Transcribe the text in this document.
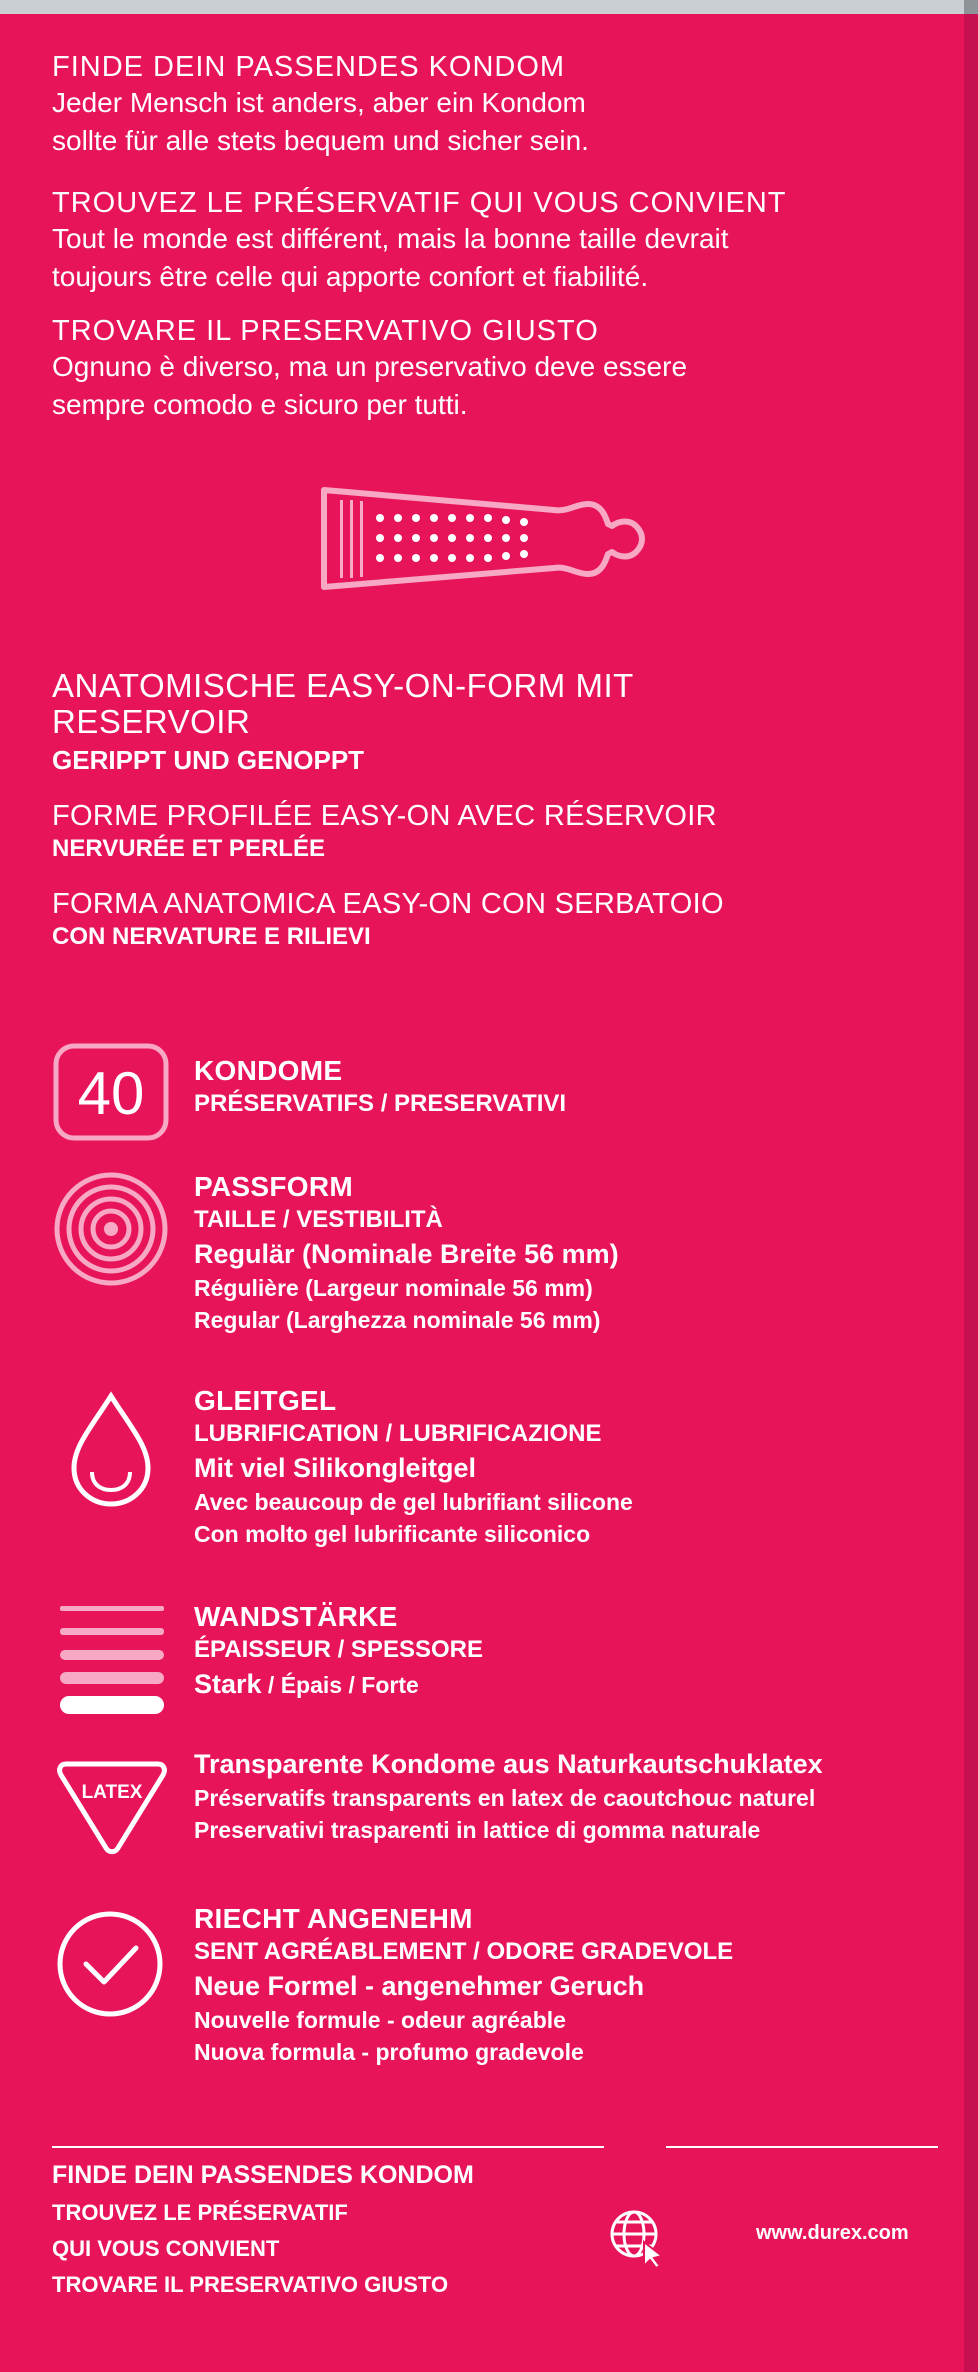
FINDE DEIN PASSENDES KONDOM
Jeder Mensch ist anders, aber ein Kondom
sollte für alle stets bequem und sicher sein.
TROUVEZ LE PRÉSERVATIF QUI VOUS CONVIENT
Tout le monde est différent, mais la bonne taille devrait
toujours être celle qui apporte confort et fiabilité.
TROVARE IL PRESERVATIVO GIUSTO
Ognuno è diverso, ma un preservativo deve essere
sempre comodo e sicuro per tutti.
ANATOMISCHE EASY-ON-FORM MIT
RESERVOIR
GERIPPT UND GENOPPT
FORME PROFILÉE EASY-ON AVEC RÉSERVOIR
NERVURÉE ET PERLÉE
FORMA ANATOMICA EASY-ON CON SERBATOIO
CON NERVATURE E RILIEVI
40 KONDOME
PRÉSERVATIFS / PRESERVATIVI
PASSFORM
TAILLE / VESTIBILITÀ
Regulär (Nominale Breite 56 mm)
Régulière (Largeur nominale 56 mm)
Regular (Larghezza nominale 56 mm)
GLEITGEL
LUBRIFICATION / LUBRIFICAZIONE
Mit viel Silikongleitgel
Avec beaucoup de gel lubrifiant silicone
Con molto gel lubrificante siliconico
WANDSTÄRKE
ÉPAISSEUR / SPESSORE
Stark / Épais / Forte
LATEX
Transparente Kondome aus Naturkautschuklatex
Préservatifs transparents en latex de caoutchouc naturel
Preservativi trasparenti in lattice di gomma naturale
RIECHT ANGENEHM
SENT AGRÉABLEMENT / ODORE GRADEVOLE
Neue Formel - angenehmer Geruch
Nouvelle formule - odeur agréable
Nuova formula - profumo gradevole
FINDE DEIN PASSENDES KONDOM
TROUVEZ LE PRÉSERVATIF
QUI VOUS CONVIENT
TROVARE IL PRESERVATIVO GIUSTO
www.durex.com
